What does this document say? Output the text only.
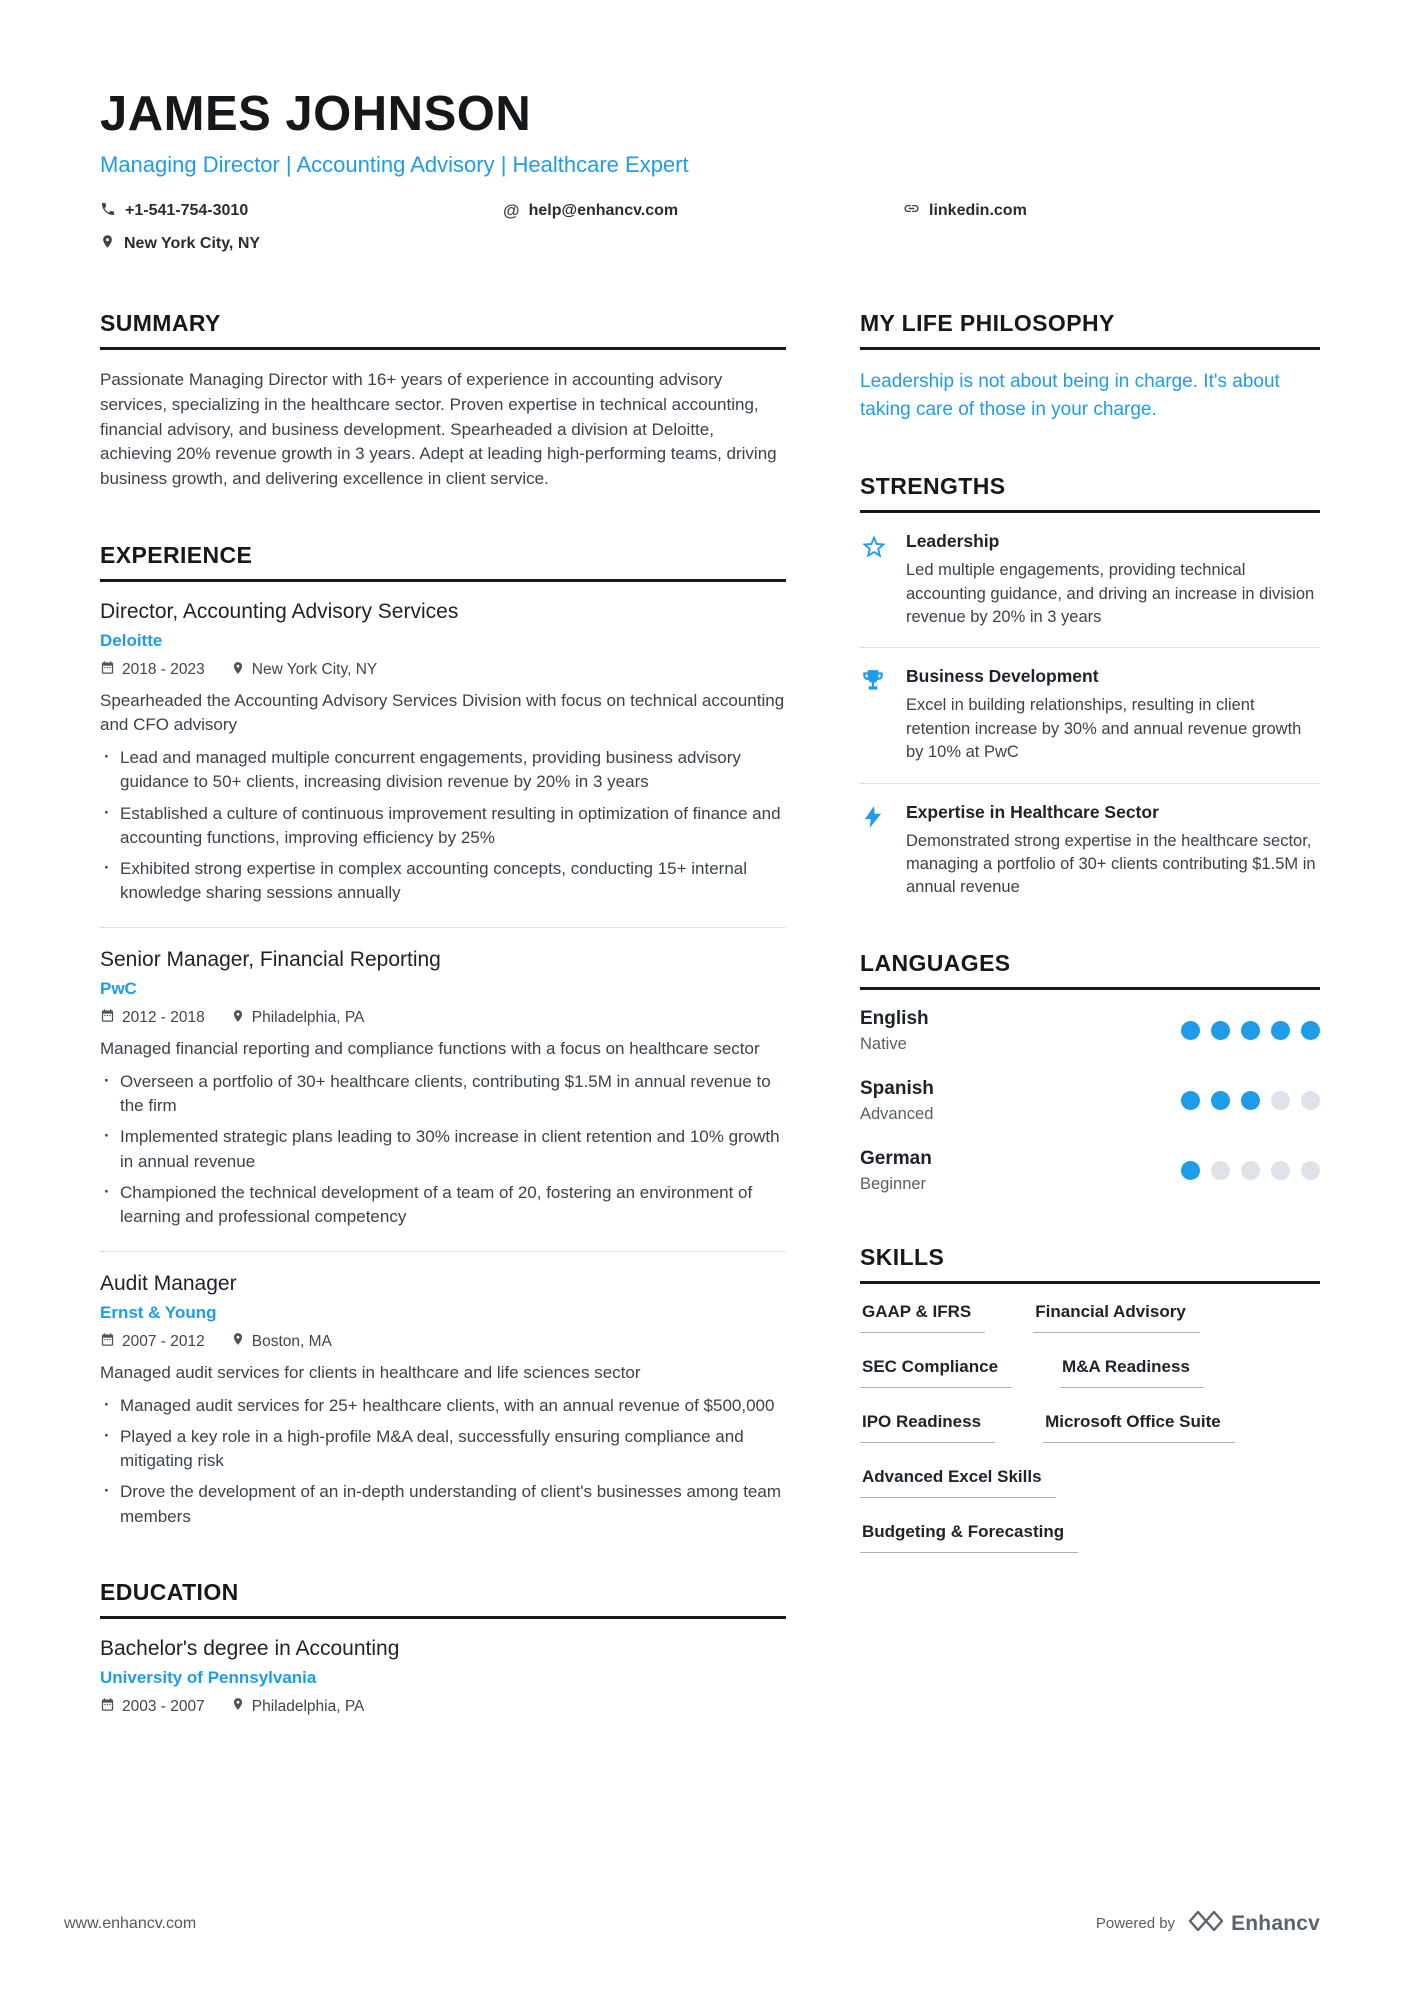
JAMES JOHNSON

Managing Director | Accounting Advisory | Healthcare Expert

+1-541-754-3010	@ help@enhancv.com	linkedin.com
New York City, NY
SUMMARY

Passionate Managing Director with 16+ years of experience in accounting advisory services, specializing in the healthcare sector. Proven expertise in technical accounting, financial advisory, and business development. Spearheaded a division at Deloitte, achieving 20% revenue growth in 3 years. Adept at leading high-performing teams, driving business growth, and delivering excellence in client service.

EXPERIENCE
Director, Accounting Advisory Services

Deloitte

2018 - 2023	New York City, NY

Spearheaded the Accounting Advisory Services Division with focus on technical accounting and CFO advisory

· Lead and managed multiple concurrent engagements, providing business advisory guidance to 50+ clients, increasing division revenue by 20% in 3 years
· Established a culture of continuous improvement resulting in optimization of finance and accounting functions, improving efficiency by 25%
· Exhibited strong expertise in complex accounting concepts, conducting 15+ internal knowledge sharing sessions annually
Senior Manager, Financial Reporting

PwC

2012 - 2018	Philadelphia, PA

Managed financial reporting and compliance functions with a focus on healthcare sector

· Overseen a portfolio of 30+ healthcare clients, contributing $1.5M in annual revenue to the firm
· Implemented strategic plans leading to 30% increase in client retention and 10% growth in annual revenue
· Championed the technical development of a team of 20, fostering an environment of learning and professional competency
Audit Manager

Ernst & Young

2007 - 2012	Boston, MA

Managed audit services for clients in healthcare and life sciences sector

· Managed audit services for 25+ healthcare clients, with an annual revenue of $500,000
· Played a key role in a high-profile M&A deal, successfully ensuring compliance and mitigating risk
· Drove the development of an in-depth understanding of client's businesses among team members
EDUCATION
Bachelor's degree in Accounting

University of Pennsylvania

2003 - 2007	Philadelphia, PA
MY LIFE PHILOSOPHY

Leadership is not about being in charge. It's about taking care of those in your charge.

STRENGTHS
Leadership

Led multiple engagements, providing technical accounting guidance, and driving an increase in division revenue by 20% in 3 years

Business Development

Excel in building relationships, resulting in client retention increase by 30% and annual revenue growth by 10% at PwC

Expertise in Healthcare Sector

Demonstrated strong expertise in the healthcare sector, managing a portfolio of 30+ clients contributing $1.5M in annual revenue

LANGUAGES

English

Native

Spanish

Advanced

German

Beginner

SKILLS
GAAP & IFRS	Financial Advisory
SEC Compliance	M&A Readiness
IPO Readiness	Microsoft Office Suite
Advanced Excel Skills
Budgeting & Forecasting
www.enhancv.com	Powered by	Enhancv
